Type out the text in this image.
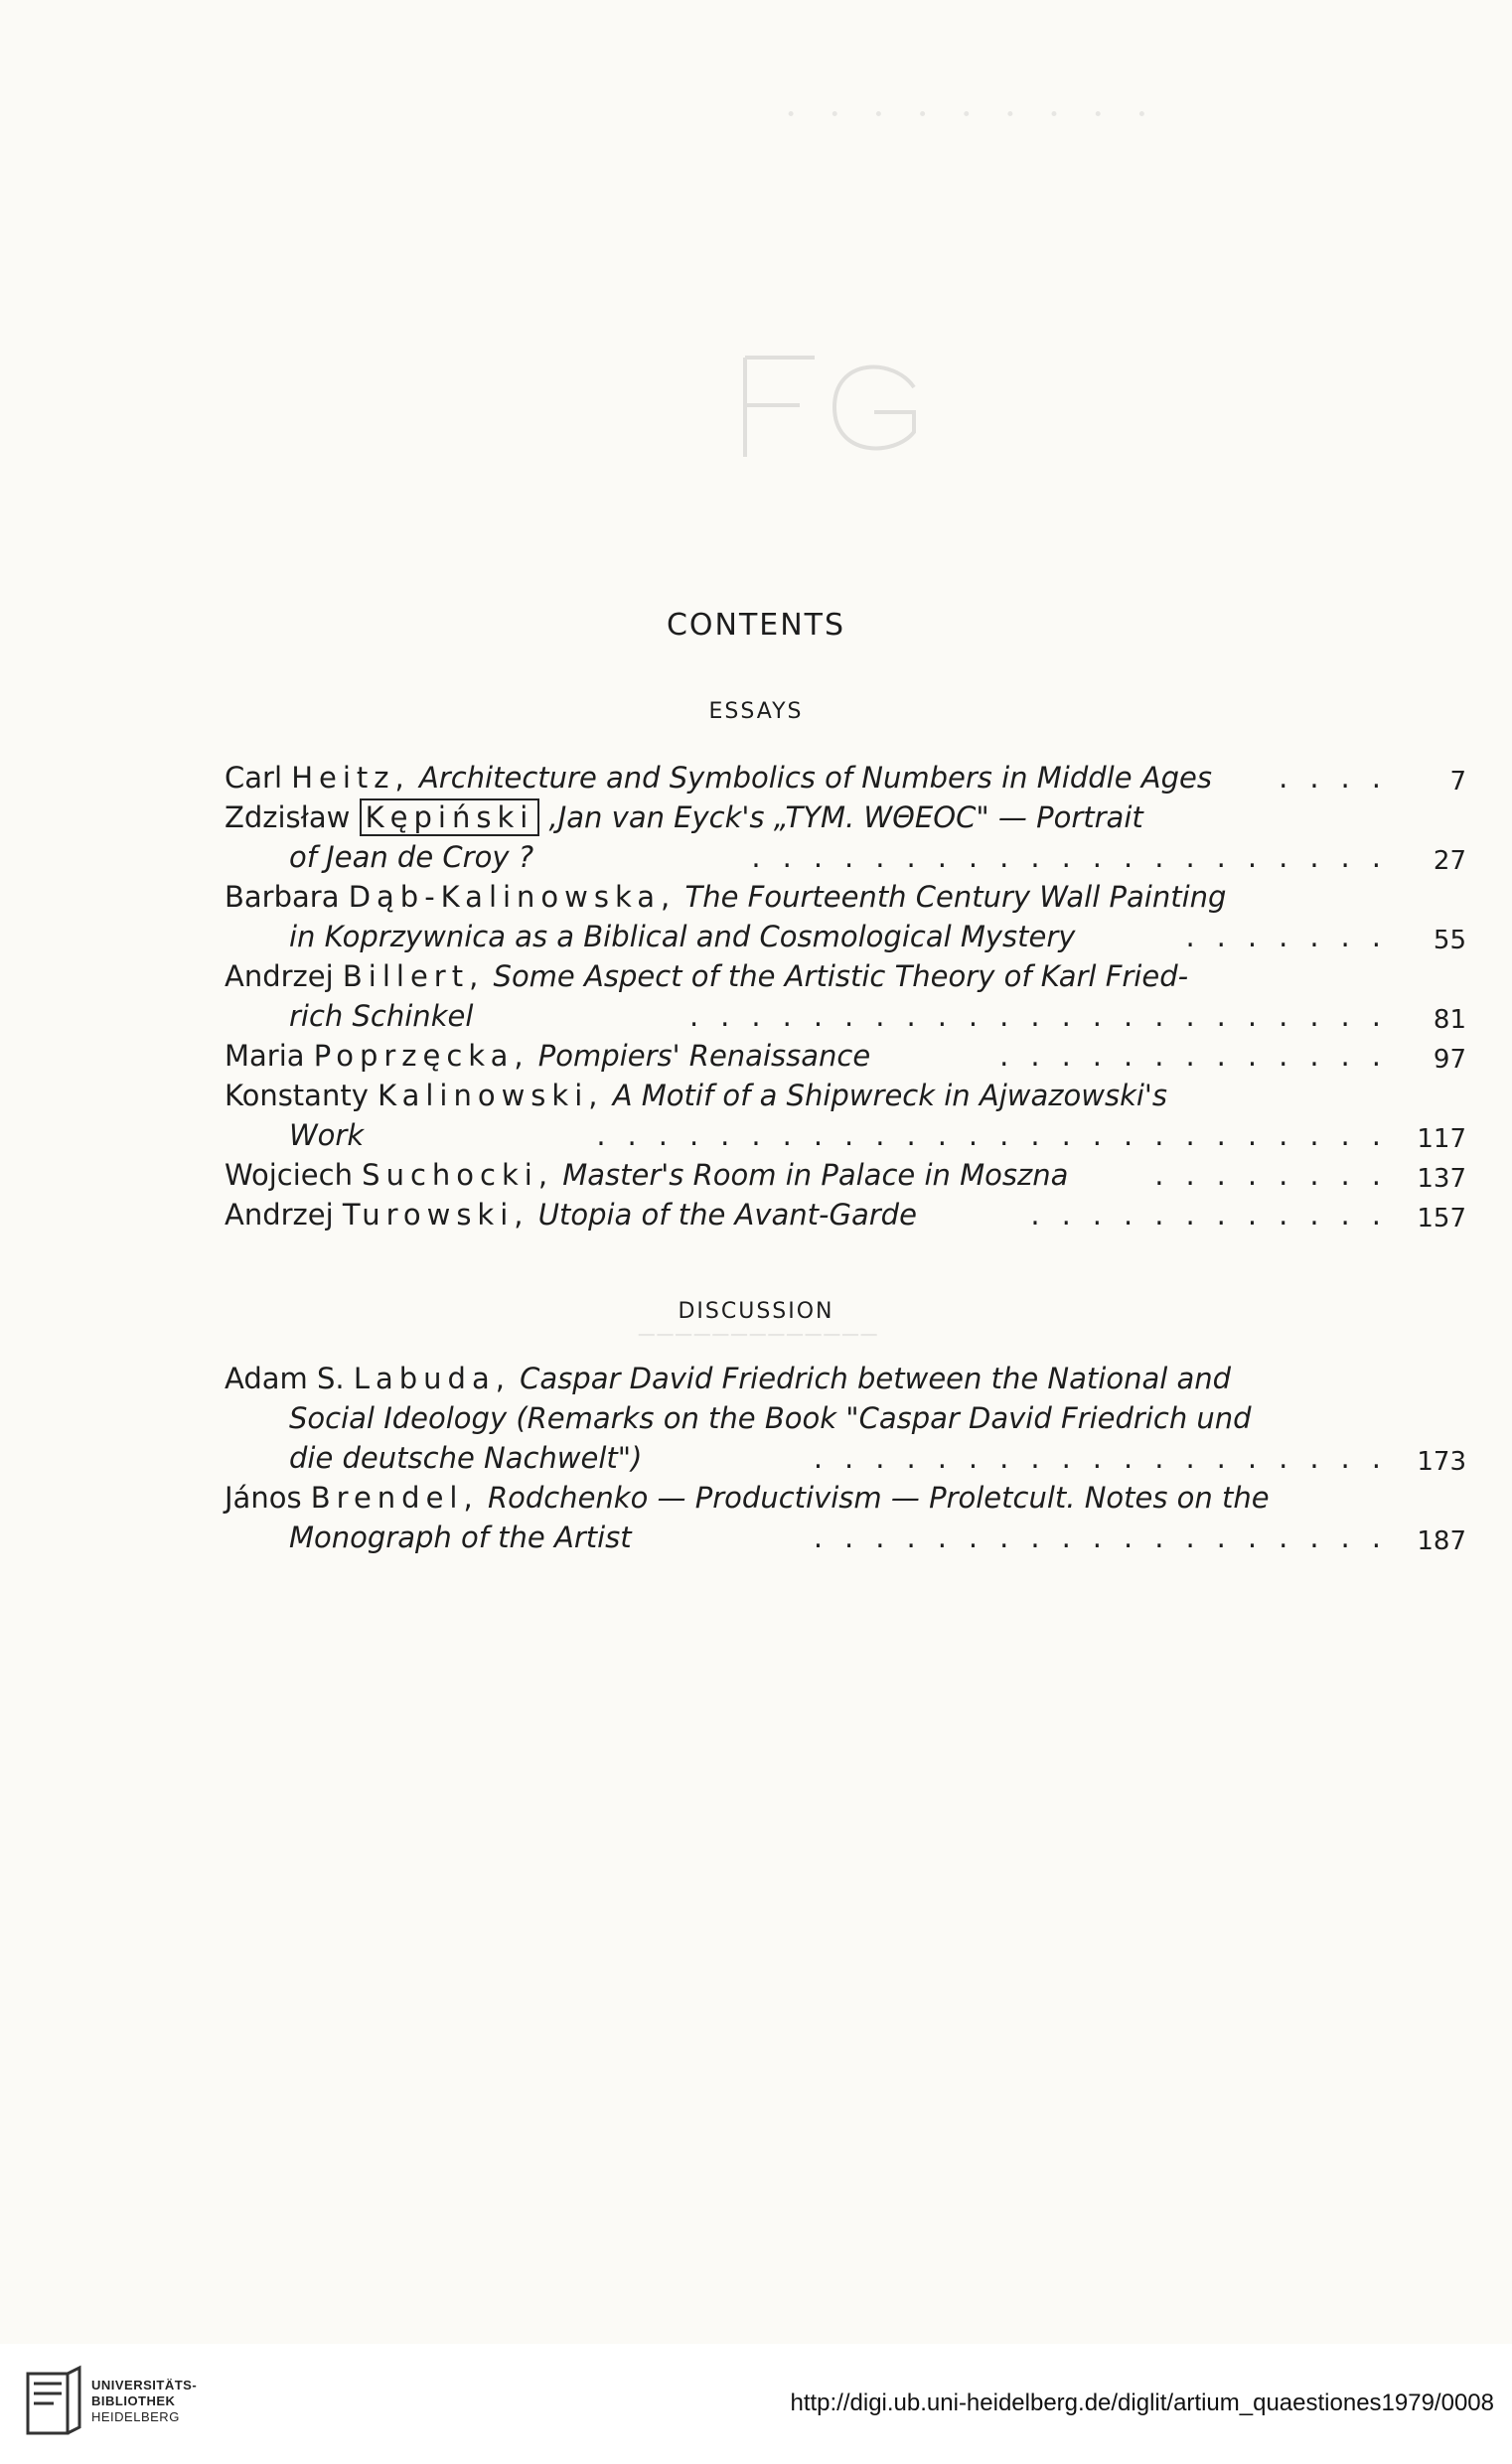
· · · · · · · · ·
─────────────
CONTENTS
ESSAYS
Carl Heitz, Architecture and Symbolics of Numbers in Middle Ages .... 7
Zdzisław Kępiński ,Jan van Eyck's „TYM. WΘEOC" — Portrait
of Jean de Croy ?	..................... 27
Barbara Dąb-Kalinowska, The Fourteenth Century Wall Painting
in Koprzywnica as a Biblical and Cosmological Mystery	....... 55
Andrzej Billert, Some Aspect of the Artistic Theory of Karl Fried-
rich Schinkel	....................... 81
Maria Poprzęcka, Pompiers' Renaissance	............. 97
Konstanty Kalinowski, A Motif of a Shipwreck in Ajwazowski's
Work	.......................... 117
Wojciech Suchocki, Master's Room in Palace in Moszna	........ 137
Andrzej Turowski, Utopia of the Avant-Garde	............ 157
DISCUSSION
Adam S. Labuda, Caspar David Friedrich between the National and
Social Ideology (Remarks on the Book "Caspar David Friedrich und
die deutsche Nachwelt")	................... 173
János Brendel, Rodchenko — Productivism — Proletcult. Notes on the
Monograph of the Artist	................... 187
UNIVERSITÄTS-
BIBLIOTHEK
HEIDELBERG
http://digi.ub.uni-heidelberg.de/diglit/artium_quaestiones1979/0008
